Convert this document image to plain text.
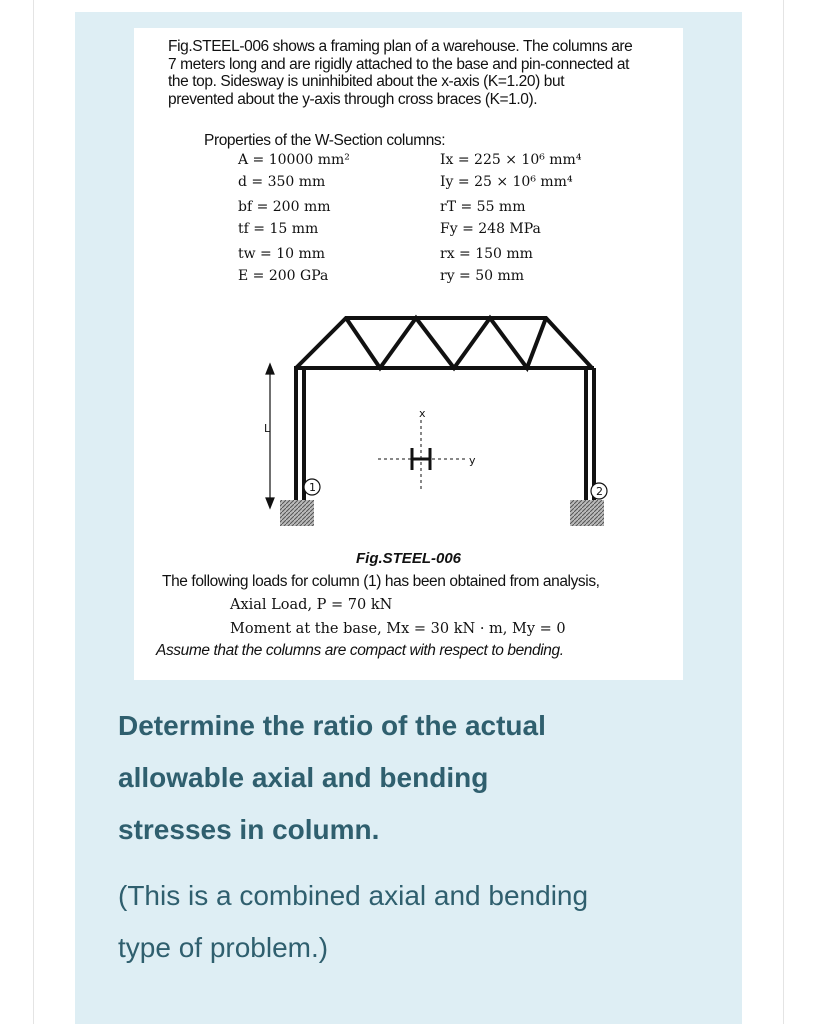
Fig.STEEL-006 shows a framing plan of a warehouse. The columns are
7 meters long and are rigidly attached to the base and pin-connected at
the top. Sidesway is uninhibited about the x-axis (K=1.20) but
prevented about the y-axis through cross braces (K=1.0).
Properties of the W-Section columns:
A = 10000 mm²
d = 350 mm
bf = 200 mm
tf = 15 mm
tw = 10 mm
E = 200 GPa
Ix = 225 × 10⁶ mm⁴
Iy = 25 × 10⁶ mm⁴
rT = 55 mm
Fy = 248 MPa
rx = 150 mm
ry = 50 mm
1	2
L
x
y
Fig.STEEL-006
The following loads for column (1) has been obtained from analysis,
Axial Load, P = 70 kN
Moment at the base, Mx = 30 kN · m, My = 0
Assume that the columns are compact with respect to bending.
Determine the ratio of the actual
allowable axial and bending
stresses in column.
(This is a combined axial and bending
type of problem.)
